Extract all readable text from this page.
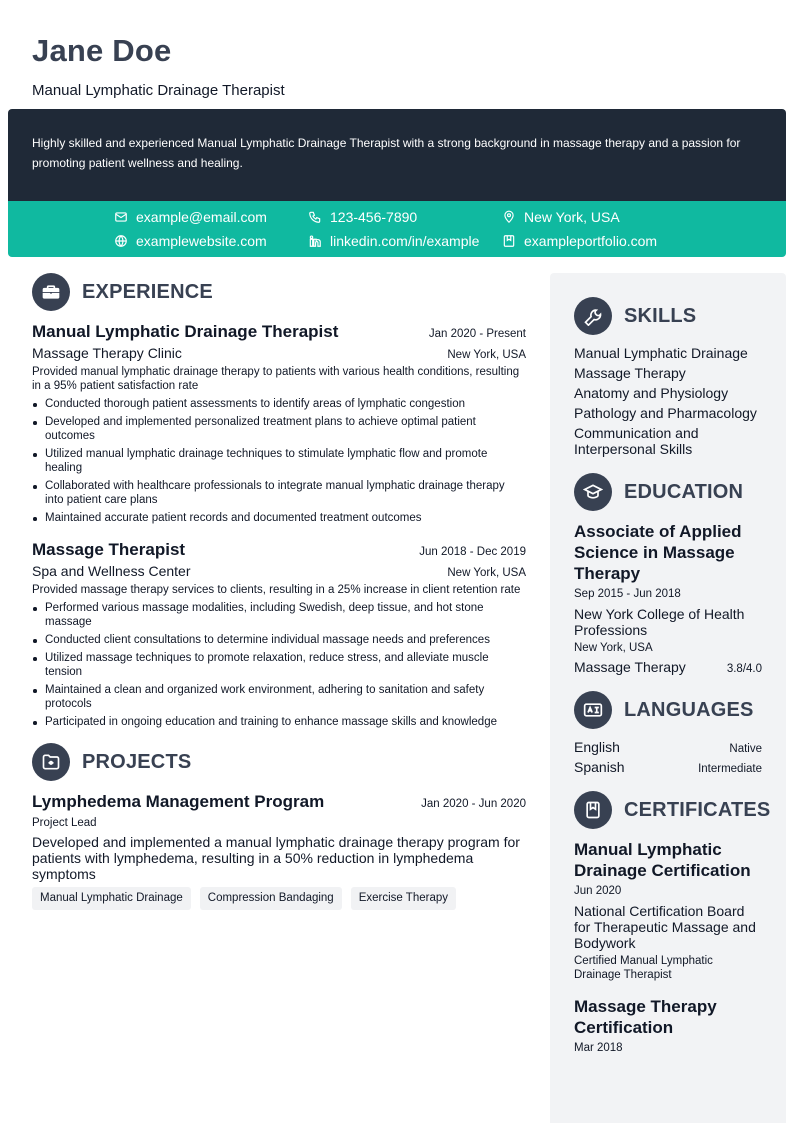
Jane Doe
Manual Lymphatic Drainage Therapist

Highly skilled and experienced Manual Lymphatic Drainage Therapist with a strong background in massage therapy and a passion for promoting patient wellness and healing.

example@email.com	123-456-7890	New York, USA
examplewebsite.com	linkedin.com/in/example	exampleportfolio.com
EXPERIENCE
Manual Lymphatic Drainage Therapist	Jan 2020 - Present
Massage Therapy Clinic	New York, USA
Provided manual lymphatic drainage therapy to patients with various health conditions, resulting in a 95% patient satisfaction rate
Conducted thorough patient assessments to identify areas of lymphatic congestion
Developed and implemented personalized treatment plans to achieve optimal patient outcomes
Utilized manual lymphatic drainage techniques to stimulate lymphatic flow and promote healing
Collaborated with healthcare professionals to integrate manual lymphatic drainage therapy into patient care plans
Maintained accurate patient records and documented treatment outcomes
Massage Therapist	Jun 2018 - Dec 2019
Spa and Wellness Center	New York, USA
Provided massage therapy services to clients, resulting in a 25% increase in client retention rate
Performed various massage modalities, including Swedish, deep tissue, and hot stone massage
Conducted client consultations to determine individual massage needs and preferences
Utilized massage techniques to promote relaxation, reduce stress, and alleviate muscle tension
Maintained a clean and organized work environment, adhering to sanitation and safety protocols
Participated in ongoing education and training to enhance massage skills and knowledge
PROJECTS
Lymphedema Management Program	Jan 2020 - Jun 2020
Project Lead
Developed and implemented a manual lymphatic drainage therapy program for patients with lymphedema, resulting in a 50% reduction in lymphedema symptoms
Manual Lymphatic Drainage	Compression Bandaging	Exercise Therapy
SKILLS
Manual Lymphatic Drainage
Massage Therapy
Anatomy and Physiology
Pathology and Pharmacology
Communication and Interpersonal Skills
EDUCATION
Associate of Applied Science in Massage Therapy
Sep 2015 - Jun 2018
New York College of Health Professions
New York, USA
Massage Therapy	3.8/4.0
LANGUAGES
English	Native
Spanish	Intermediate
CERTIFICATES
Manual Lymphatic Drainage Certification
Jun 2020
National Certification Board for Therapeutic Massage and Bodywork
Certified Manual Lymphatic Drainage Therapist
Massage Therapy Certification
Mar 2018
